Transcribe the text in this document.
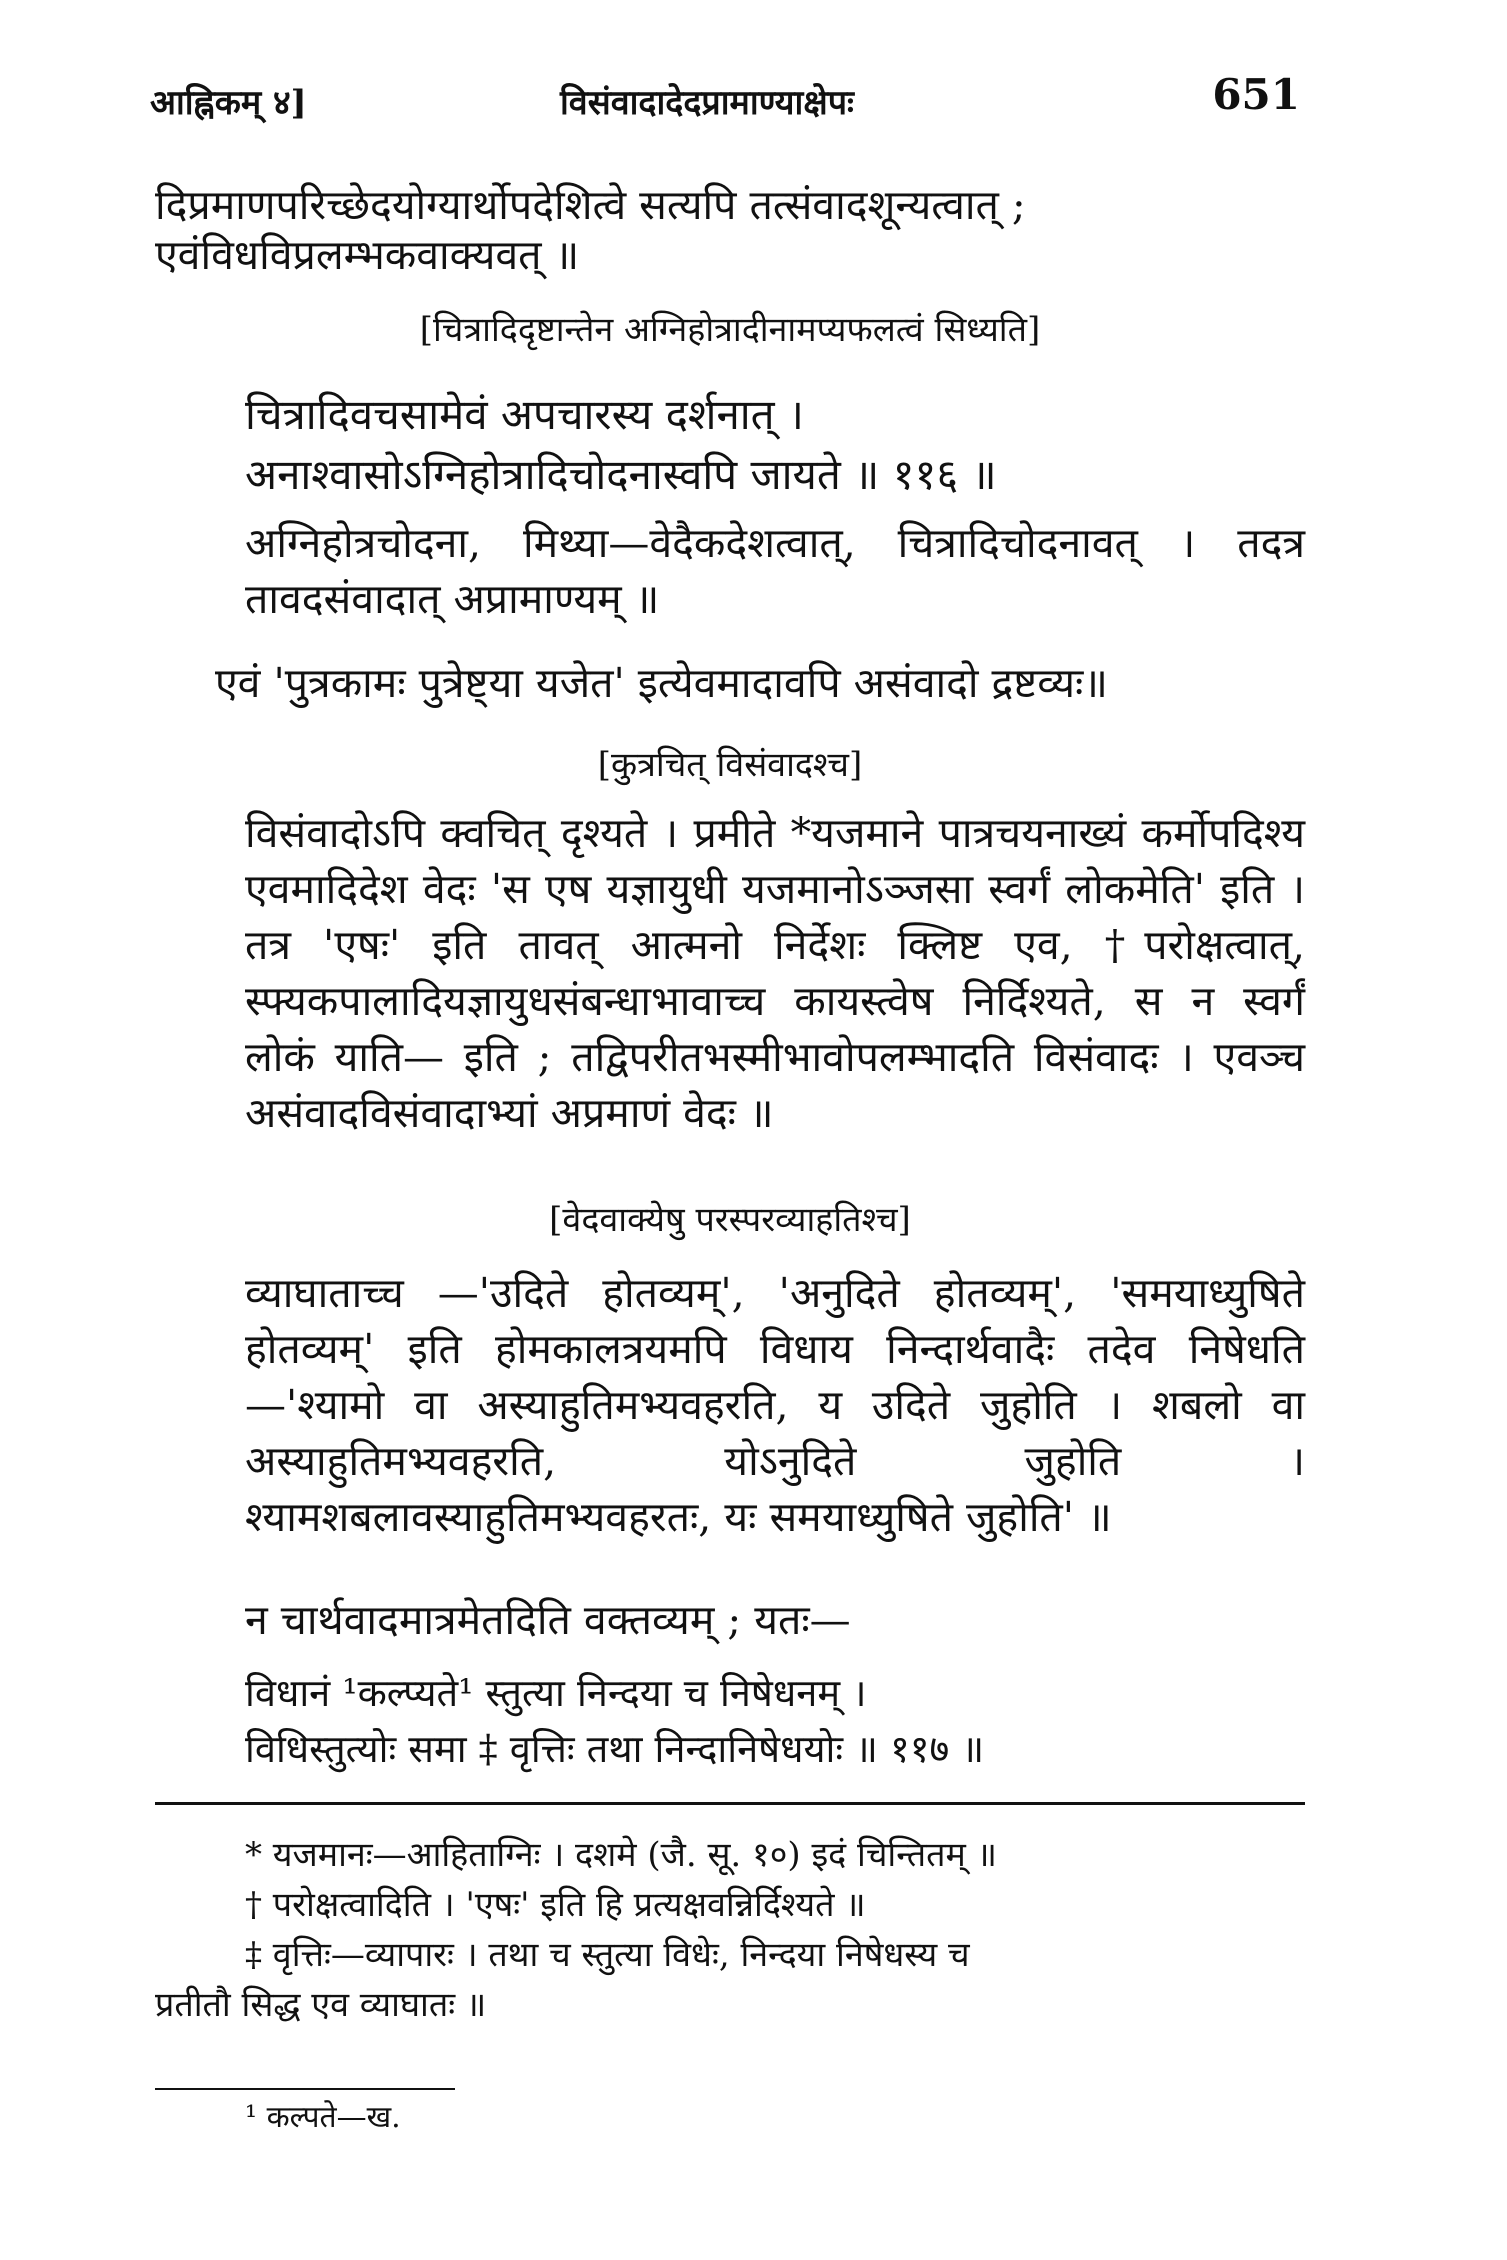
आह्निकम् ४]	विसंवादादेदप्रामाण्याक्षेपः	651
दिप्रमाणपरिच्छेदयोग्यार्थोपदेशित्वे सत्यपि तत्संवादशून्यत्वात् ;
एवंविधविप्रलम्भकवाक्यवत् ॥
[चित्रादिदृष्टान्तेन अग्निहोत्रादीनामप्यफलत्वं सिध्यति]
चित्रादिवचसामेवं अपचारस्य दर्शनात् ।
अनाश्वासोऽग्निहोत्रादिचोदनास्वपि जायते ॥ ११६ ॥
अग्निहोत्रचोदना, मिथ्या—वेदैकदेशत्वात्, चित्रादिचोदनावत् । तदत्र तावदसंवादात् अप्रामाण्यम् ॥
एवं 'पुत्रकामः पुत्रेष्ट्या यजेत' इत्येवमादावपि असंवादो द्रष्टव्यः॥
[कुत्रचित् विसंवादश्च]
विसंवादोऽपि क्वचित् दृश्यते । प्रमीते *यजमाने पात्रचयनाख्यं कर्मोपदिश्य एवमादिदेश वेदः 'स एष यज्ञायुधी यजमानोऽञ्जसा स्वर्गं लोकमेति' इति । तत्र 'एषः' इति तावत् आत्मनो निर्देशः क्लिष्ट एव, †परोक्षत्वात्, स्फ्यकपालादियज्ञायुधसंबन्धाभावाच्च कायस्त्वेष निर्दिश्यते, स न स्वर्गं लोकं याति— इति ; तद्विपरीतभस्मीभावोपलम्भादति विसंवादः । एवञ्च असंवादविसंवादाभ्यां अप्रमाणं वेदः ॥
[वेदवाक्येषु परस्परव्याहतिश्च]
व्याघाताच्च —'उदिते होतव्यम्', 'अनुदिते होतव्यम्', 'समयाध्युषिते होतव्यम्' इति होमकालत्रयमपि विधाय निन्दार्थवादैः तदेव निषेधति—'श्यामो वा अस्याहुतिमभ्यवहरति, य उदिते जुहोति । शबलो वा अस्याहुतिमभ्यवहरति, योऽनुदिते जुहोति । श्यामशबलावस्याहुतिमभ्यवहरतः, यः समयाध्युषिते जुहोति' ॥
न चार्थवादमात्रमेतदिति वक्तव्यम् ; यतः—
विधानं ¹कल्प्यते¹ स्तुत्या निन्दया च निषेधनम् ।
विधिस्तुत्योः समा ‡ वृत्तिः तथा निन्दानिषेधयोः ॥ ११७ ॥
* यजमानः—आहिताग्निः । दशमे (जै. सू. १०) इदं चिन्तितम् ॥
† परोक्षत्वादिति । 'एषः' इति हि प्रत्यक्षवन्निर्दिश्यते ॥
‡ वृत्तिः—व्यापारः । तथा च स्तुत्या विधेः, निन्दया निषेधस्य च
प्रतीतौ सिद्ध एव व्याघातः ॥
¹ कल्पते—ख.
